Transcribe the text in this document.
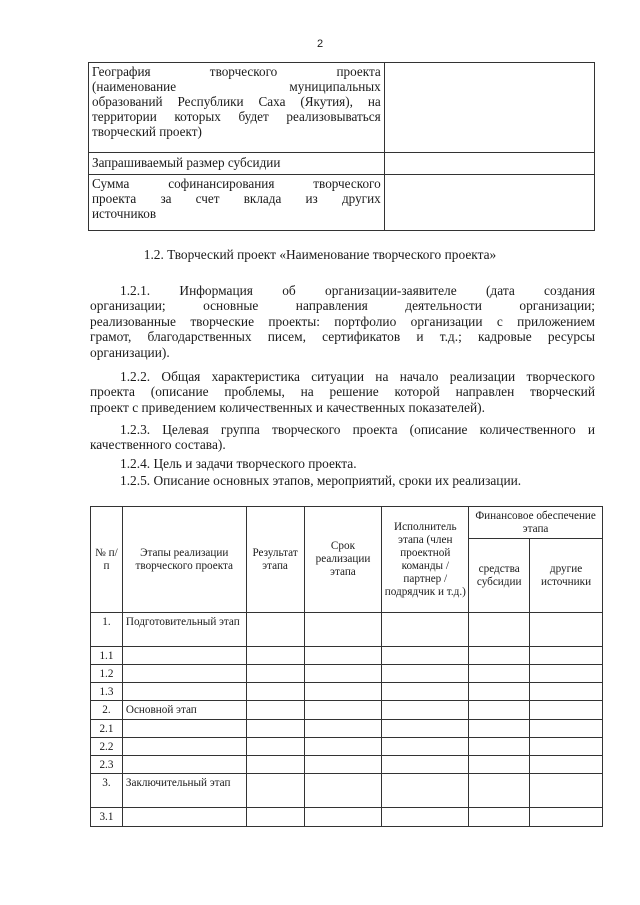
2
География творческого проекта
(наименование муниципальных
образований Республики Саха (Якутия), на
территории которых будет реализовываться
творческий проект)	

Запрашиваемый размер субсидии	

Сумма софинансирования творческого
проекта за счет вклада из других
источников	

1.2. Творческий проект «Наименование творческого проекта»
1.2.1. Информация об организации-заявителе (дата создания
организации; основные направления деятельности организации;
реализованные творческие проекты: портфолио организации с приложением
грамот, благодарственных писем, сертификатов и т.д.; кадровые ресурсы
организации).
1.2.2. Общая характеристика ситуации на начало реализации творческого
проекта (описание проблемы, на решение которой направлен творческий
проект с приведением количественных и качественных показателей).
1.2.3. Целевая группа творческого проекта (описание количественного и
качественного состава).
1.2.4. Цель и задачи творческого проекта.
1.2.5. Описание основных этапов, мероприятий, сроки их реализации.
№ п/п	Этапы реализации творческого проекта	Результат этапа	Срок реализации этапа	Исполнитель этапа (член проектной команды / партнер / подрядчик и т.д.)	Финансовое обеспечение этапа	
					средства субсидии	другие источники
1.	Подготовительный этап					
1.1						
1.2						
1.3						
2.	Основной этап					
2.1						
2.2						
2.3						
3.	Заключительный этап					
3.1						
